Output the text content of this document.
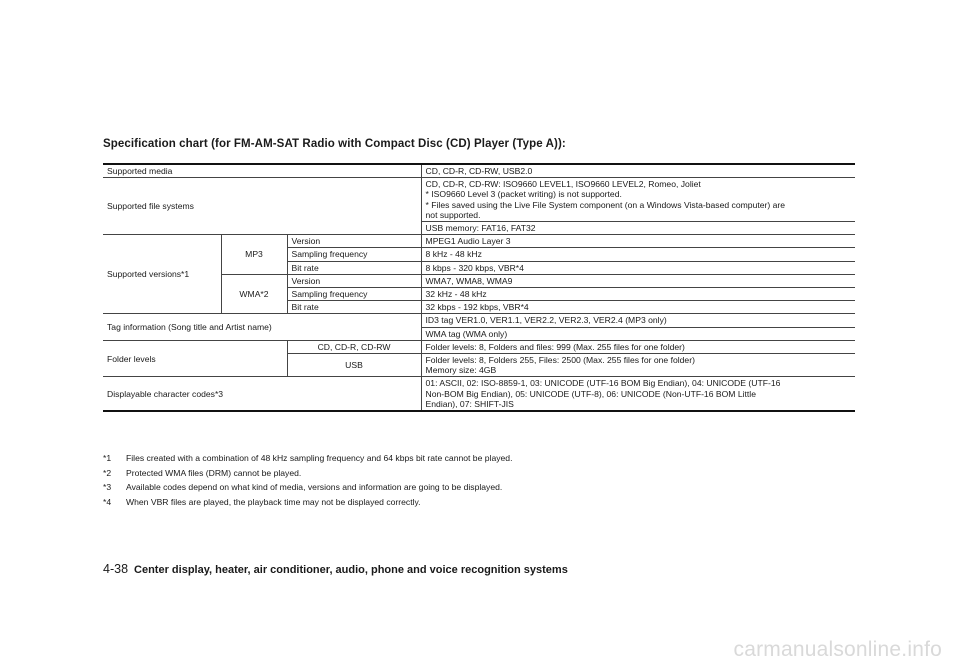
Specification chart (for FM-AM-SAT Radio with Compact Disc (CD) Player (Type A)):
Supported media			CD, CD-R, CD-RW, USB2.0
Supported file systems			CD, CD-R, CD-RW: ISO9660 LEVEL1, ISO9660 LEVEL2, Romeo, Joliet
* ISO9660 Level 3 (packet writing) is not supported.
* Files saved using the Live File System component (on a Windows Vista-based computer) are
not supported.

			USB memory: FAT16, FAT32
Supported versions*1	MP3	Version	MPEG1 Audio Layer 3
		Sampling frequency	8 kHz - 48 kHz
		Bit rate	8 kbps - 320 kbps, VBR*4
	WMA*2	Version	WMA7, WMA8, WMA9
		Sampling frequency	32 kHz - 48 kHz
		Bit rate	32 kbps - 192 kbps, VBR*4
Tag information (Song title and Artist name)			ID3 tag VER1.0, VER1.1, VER2.2, VER2.3, VER2.4 (MP3 only)
			WMA tag (WMA only)
Folder levels		CD, CD-R, CD-RW	Folder levels: 8, Folders and files: 999 (Max. 255 files for one folder)
		USB	Folder levels: 8, Folders 255, Files: 2500 (Max. 255 files for one folder)
Memory size: 4GB

Displayable character codes*3			01: ASCII, 02: ISO-8859-1, 03: UNICODE (UTF-16 BOM Big Endian), 04: UNICODE (UTF-16
Non-BOM Big Endian), 05: UNICODE (UTF-8), 06: UNICODE (Non-UTF-16 BOM Little
Endian), 07: SHIFT-JIS
*1	Files created with a combination of 48 kHz sampling frequency and 64 kbps bit rate cannot be played.
*2	Protected WMA files (DRM) cannot be played.
*3	Available codes depend on what kind of media, versions and information are going to be displayed.
*4	When VBR files are played, the playback time may not be displayed correctly.
4-38 Center display, heater, air conditioner, audio, phone and voice recognition systems
carmanualsonline.info
